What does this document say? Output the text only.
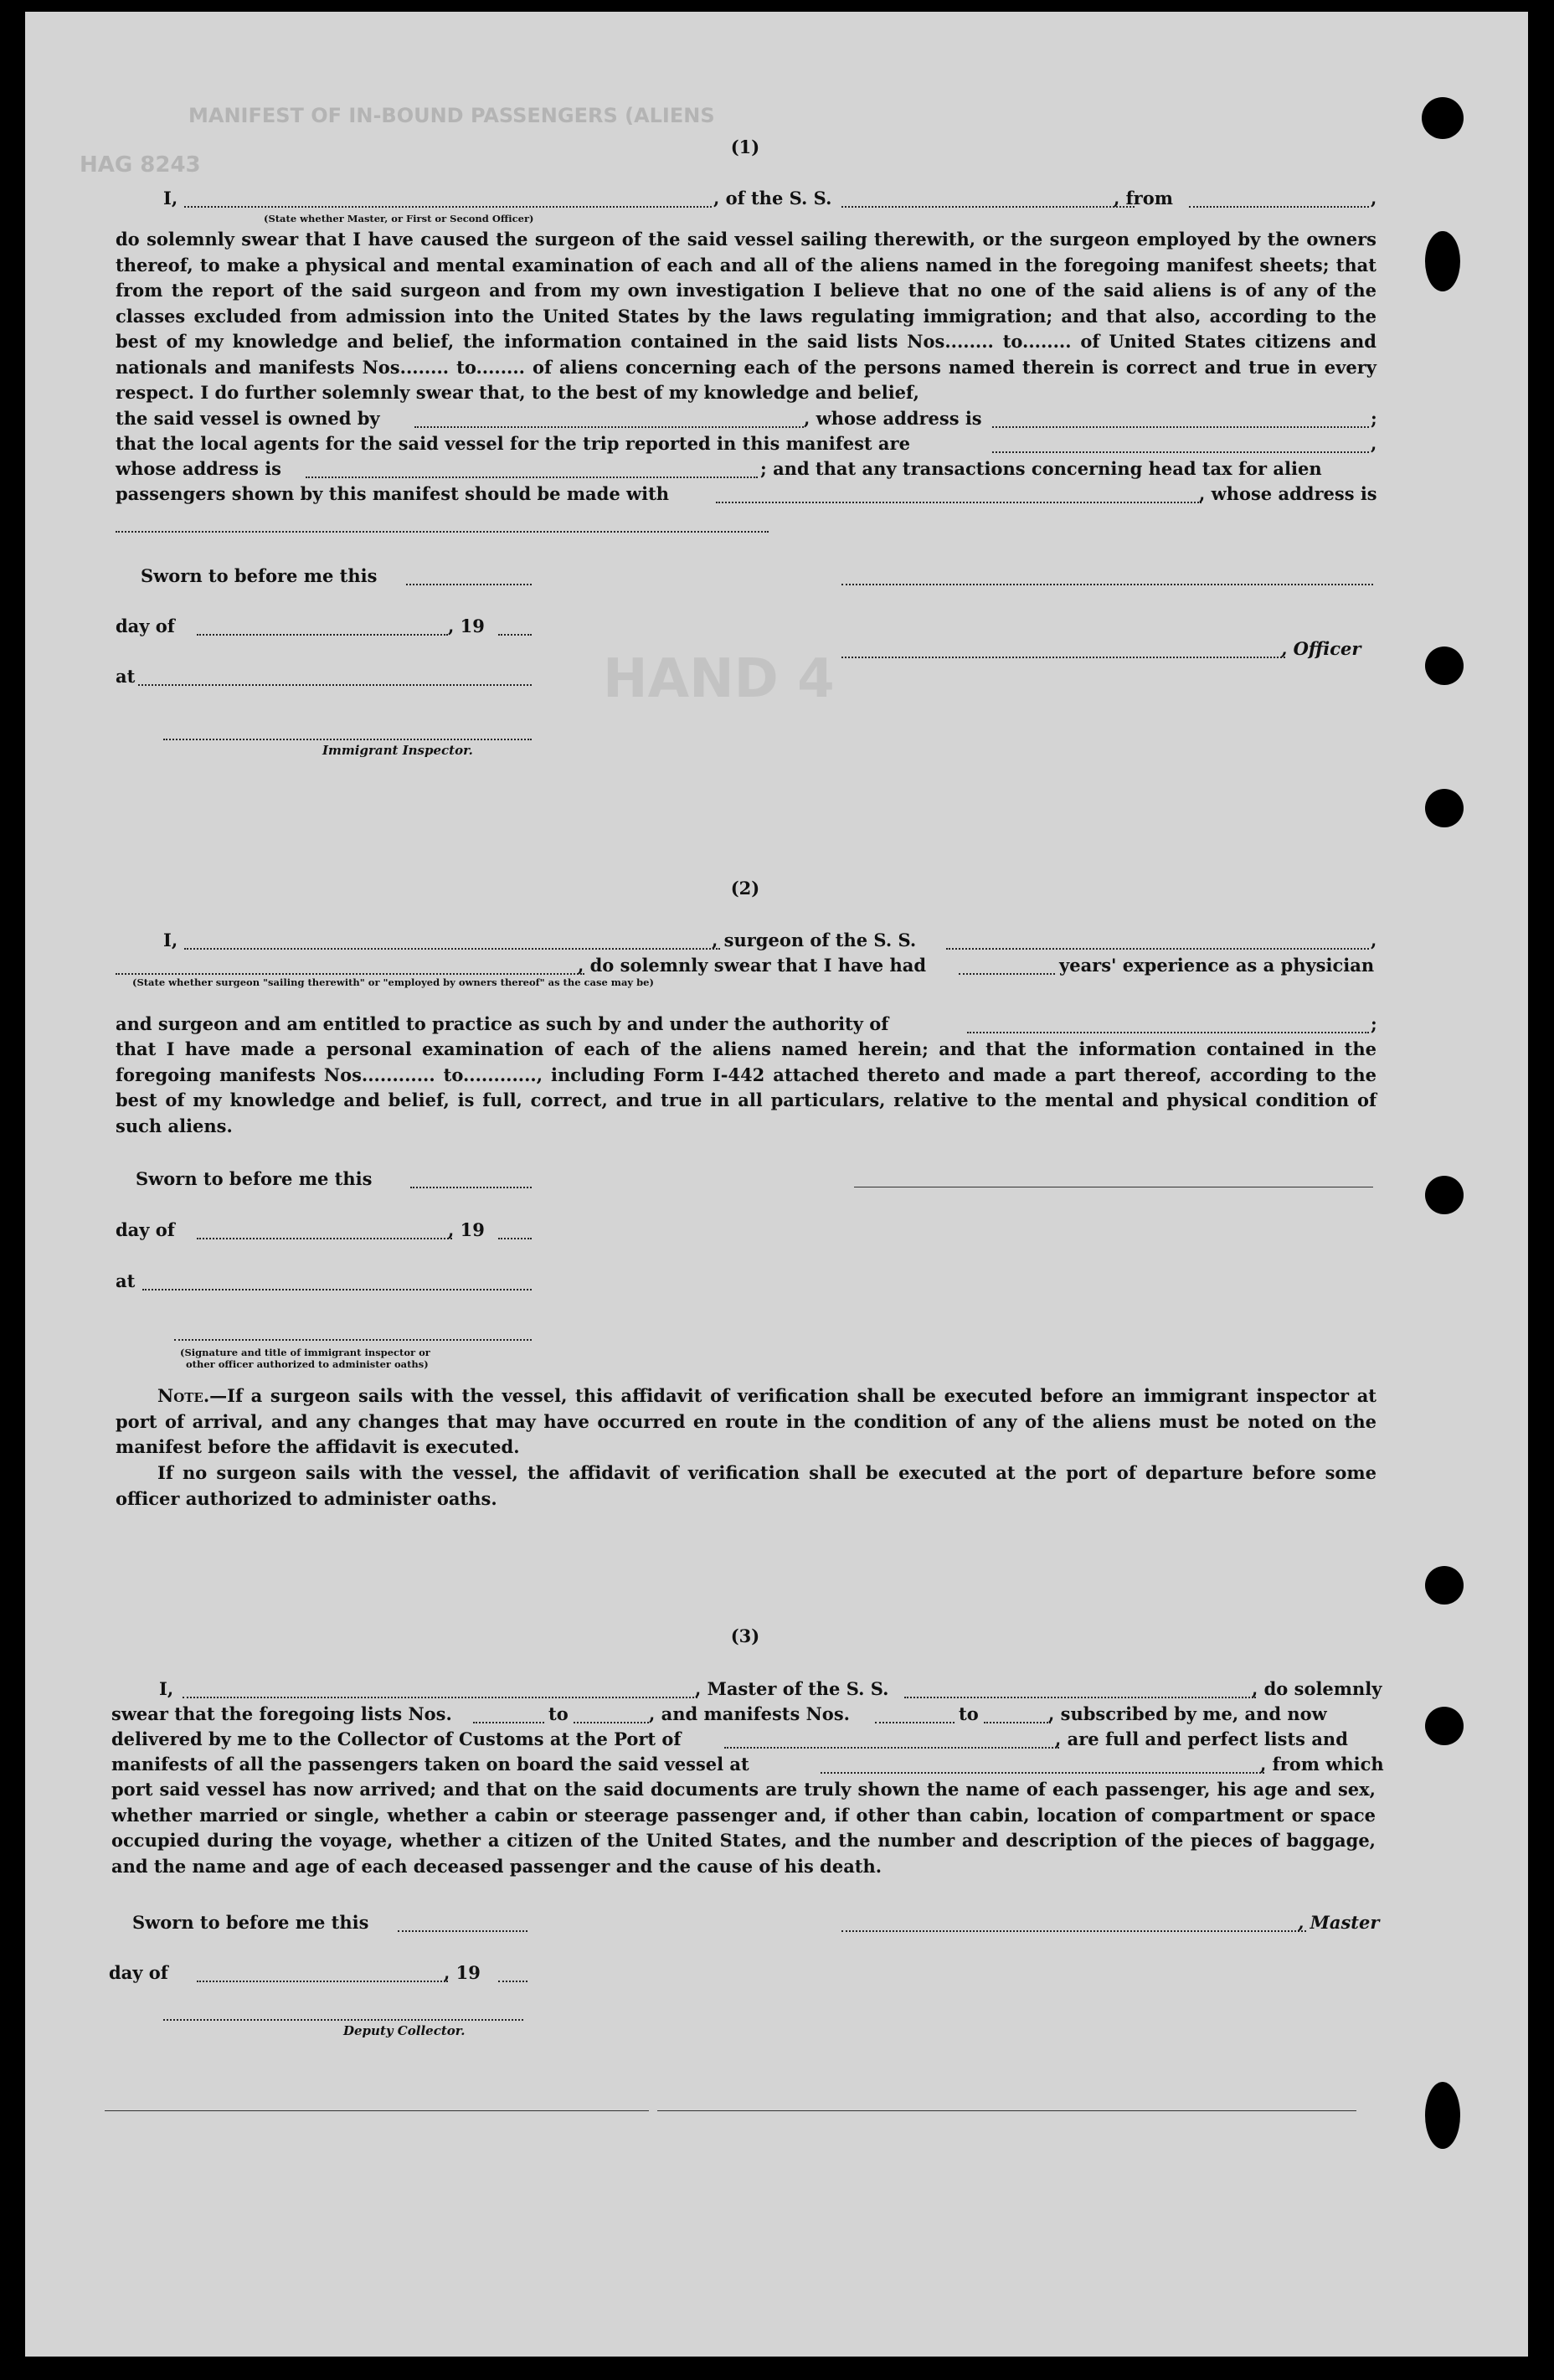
MANIFEST OF IN-BOUND PASSENGERS (ALIENS
HAG 8243
HAND 4
(1)
I,	, of the S. S.	, from	,
(State whether Master, or First or Second Officer)
do solemnly swear that I have caused the surgeon of the said vessel sailing therewith, or the surgeon employed by the owners thereof, to make a physical and mental examination of each and all of the aliens named in the foregoing manifest sheets; that from the report of the said surgeon and from my own investigation I believe that no one of the said aliens is of any of the classes excluded from admission into the United States by the laws regulating immigration; and that also, according to the best of my knowledge and belief, the information contained in the said lists Nos........ to........ of United States citizens and nationals and manifests Nos........ to........ of aliens concerning each of the persons named therein is correct and true in every respect. I do further solemnly swear that, to the best of my knowledge and belief,
the said vessel is owned by	, whose address is	;
that the local agents for the said vessel for the trip reported in this manifest are	,
whose address is	; and that any transactions concerning head tax for alien
passengers shown by this manifest should be made with	, whose address is
Sworn to before me this
day of	, 19
, Officer
at
Immigrant Inspector.
(2)
I,	, surgeon of the S. S.	,
, do solemnly swear that I have had	years' experience as a physician
(State whether surgeon "sailing therewith" or "employed by owners thereof" as the case may be)
and surgeon and am entitled to practice as such by and under the authority of	;
that I have made a personal examination of each of the aliens named herein; and that the information contained in the foregoing manifests Nos............ to............, including Form I-442 attached thereto and made a part thereof, according to the best of my knowledge and belief, is full, correct, and true in all particulars, relative to the mental and physical condition of such aliens.
Sworn to before me this
day of	, 19
at
(Signature and title of immigrant inspector or
other officer authorized to administer oaths)
Note.—If a surgeon sails with the vessel, this affidavit of verification shall be executed before an immigrant inspector at port of arrival, and any changes that may have occurred en route in the condition of any of the aliens must be noted on the manifest before the affidavit is executed.
If no surgeon sails with the vessel, the affidavit of verification shall be executed at the port of departure before some officer authorized to administer oaths.
(3)
I,	, Master of the S. S.	, do solemnly
swear that the foregoing lists Nos.	to	, and manifests Nos.	to	, subscribed by me, and now
delivered by me to the Collector of Customs at the Port of	, are full and perfect lists and
manifests of all the passengers taken on board the said vessel at	, from which
port said vessel has now arrived; and that on the said documents are truly shown the name of each passenger, his age and sex, whether married or single, whether a cabin or steerage passenger and, if other than cabin, location of compartment or space occupied during the voyage, whether a citizen of the United States, and the number and description of the pieces of baggage, and the name and age of each deceased passenger and the cause of his death.
Sworn to before me this	, Master
day of	, 19
Deputy Collector.
